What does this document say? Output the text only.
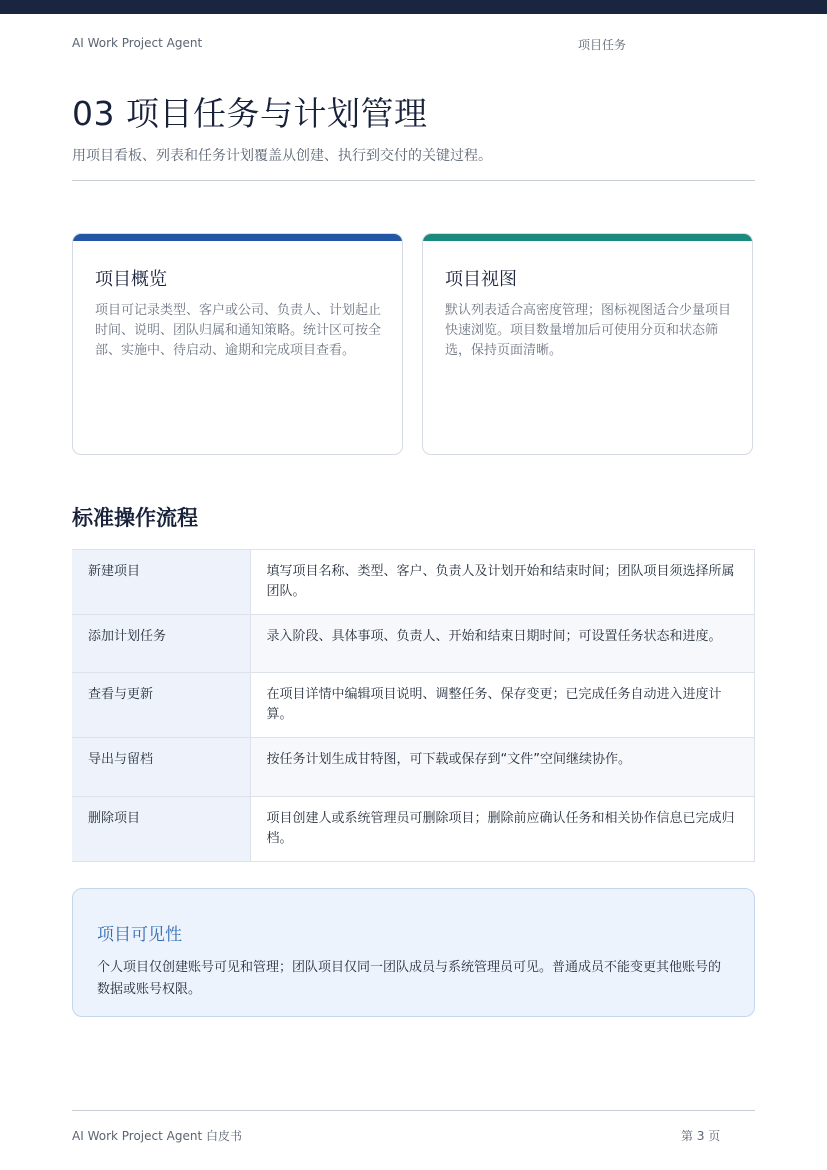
AI Work Project Agent	项目任务
03 项目任务与计划管理

用项目看板、列表和任务计划覆盖从创建、执行到交付的关键过程。

项目概览
项目可记录类型、客户或公司、负责人、计划起止时间、说明、团队归属和通知策略。统计区可按全部、实施中、待启动、逾期和完成项目查看。
项目视图
默认列表适合高密度管理；图标视图适合少量项目快速浏览。项目数量增加后可使用分页和状态筛选，保持页面清晰。
标准操作流程
新建项目	填写项目名称、类型、客户、负责人及计划开始和结束时间；团队项目须选择所属团队。
添加计划任务	录入阶段、具体事项、负责人、开始和结束日期时间；可设置任务状态和进度。
查看与更新	在项目详情中编辑项目说明、调整任务、保存变更；已完成任务自动进入进度计算。
导出与留档	按任务计划生成甘特图，可下载或保存到“文件”空间继续协作。
删除项目	项目创建人或系统管理员可删除项目；删除前应确认任务和相关协作信息已完成归档。
项目可见性
个人项目仅创建账号可见和管理；团队项目仅同一团队成员与系统管理员可见。普通成员不能变更其他账号的数据或账号权限。
AI Work Project Agent 白皮书	第 3 页
